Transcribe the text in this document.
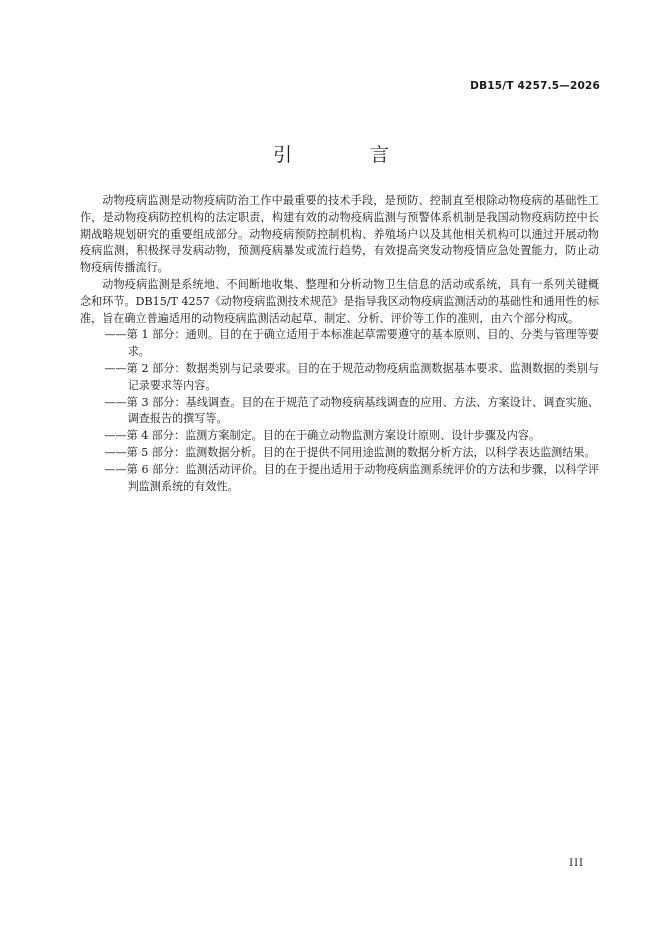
DB15/T 4257.5—2026
引 言

动物疫病监测是动物疫病防治工作中最重要的技术手段，是预防、控制直至根除动物疫病的基础性工作，是动物疫病防控机构的法定职责，构建有效的动物疫病监测与预警体系机制是我国动物疫病防控中长期战略规划研究的重要组成部分。动物疫病预防控制机构、养殖场户以及其他相关机构可以通过开展动物疫病监测，积极探寻发病动物，预测疫病暴发或流行趋势，有效提高突发动物疫情应急处置能力，防止动物疫病传播流行。

动物疫病监测是系统地、不间断地收集、整理和分析动物卫生信息的活动或系统，具有一系列关键概念和环节。DB15/T 4257《动物疫病监测技术规范》是指导我区动物疫病监测活动的基础性和通用性的标准，旨在确立普遍适用的动物疫病监测活动起草、制定、分析、评价等工作的准则，由六个部分构成。

——第 1 部分：通则。目的在于确立适用于本标准起草需要遵守的基本原则、目的、分类与管理等要求。

——第 2 部分：数据类别与记录要求。目的在于规范动物疫病监测数据基本要求、监测数据的类别与记录要求等内容。

——第 3 部分：基线调查。目的在于规范了动物疫病基线调查的应用、方法、方案设计、调查实施、调查报告的撰写等。

——第 4 部分：监测方案制定。目的在于确立动物监测方案设计原则、设计步骤及内容。

——第 5 部分：监测数据分析。目的在于提供不同用途监测的数据分析方法，以科学表达监测结果。

——第 6 部分：监测活动评价。目的在于提出适用于动物疫病监测系统评价的方法和步骤，以科学评判监测系统的有效性。

III
